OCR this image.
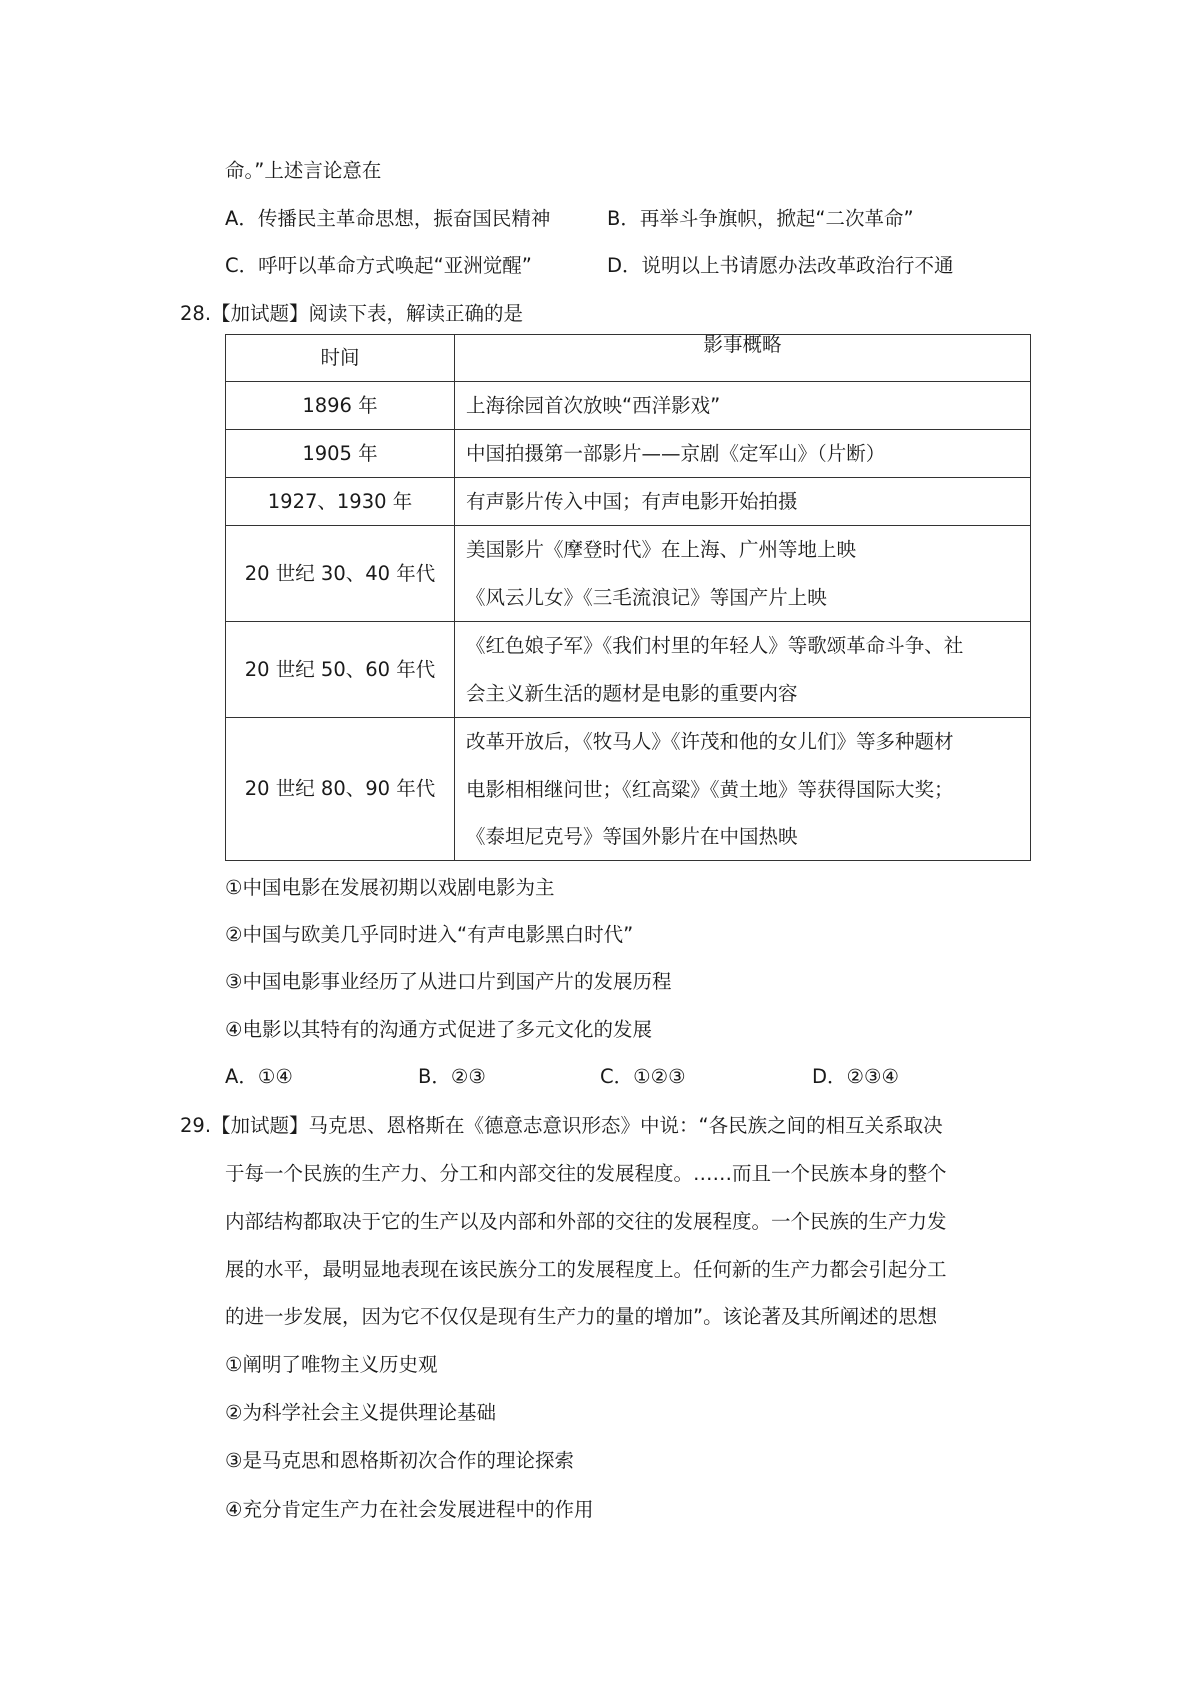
命。”上述言论意在
A．传播民主革命思想，振奋国民精神	B．再举斗争旗帜，掀起“二次革命”
C．呼吁以革命方式唤起“亚洲觉醒”	D．说明以上书请愿办法改革政治行不通
28.【加试题】阅读下表，解读正确的是
时间	影事概略
1896 年	上海徐园首次放映“西洋影戏”

1905 年	中国拍摄第一部影片——京剧《定军山》（片断）

1927、1930 年	有声影片传入中国；有声电影开始拍摄

20 世纪 30、40 年代	美国影片《摩登时代》在上海、广州等地上映
《风云儿女》《三毛流浪记》等国产片上映

20 世纪 50、60 年代	《红色娘子军》《我们村里的年轻人》等歌颂革命斗争、社
会主义新生活的题材是电影的重要内容

20 世纪 80、90 年代	改革开放后，《牧马人》《许茂和他的女儿们》等多种题材
电影相相继问世；《红高粱》《黄土地》等获得国际大奖；
《泰坦尼克号》等国外影片在中国热映
①中国电影在发展初期以戏剧电影为主
②中国与欧美几乎同时进入“有声电影黑白时代”
③中国电影事业经历了从进口片到国产片的发展历程
④电影以其特有的沟通方式促进了多元文化的发展
A．①④	B．②③	C．①②③	D．②③④
29.【加试题】马克思、恩格斯在《德意志意识形态》中说：“各民族之间的相互关系取决
于每一个民族的生产力、分工和内部交往的发展程度。……而且一个民族本身的整个
内部结构都取决于它的生产以及内部和外部的交往的发展程度。一个民族的生产力发
展的水平，最明显地表现在该民族分工的发展程度上。任何新的生产力都会引起分工
的进一步发展，因为它不仅仅是现有生产力的量的增加”。该论著及其所阐述的思想
①阐明了唯物主义历史观
②为科学社会主义提供理论基础
③是马克思和恩格斯初次合作的理论探索
④充分肯定生产力在社会发展进程中的作用
